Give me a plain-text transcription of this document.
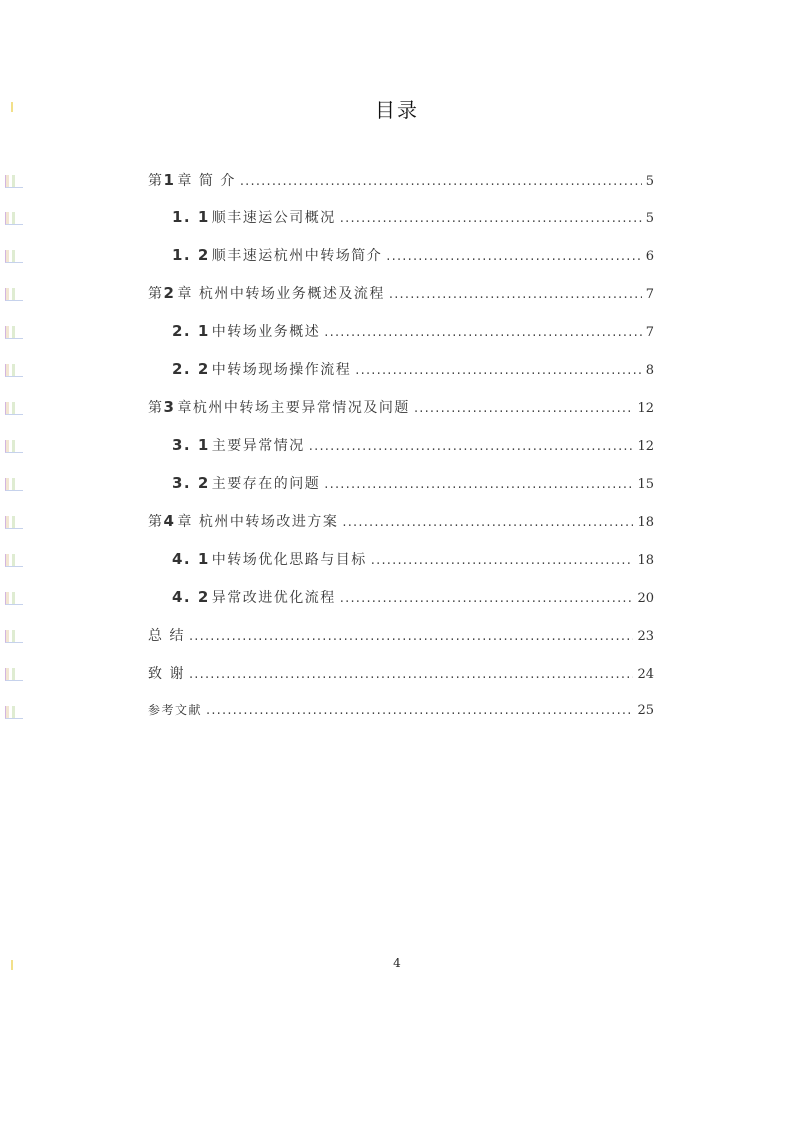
目录
第 1 章 简 介 .....	5
1. 1 顺丰速运公司概况 .....	5
1. 2 顺丰速运杭州中转场简介 .....	6
第 2 章 杭州中转场业务概述及流程 .....	7
2. 1 中转场业务概述 .....	7
2. 2 中转场现场操作流程 .....	8
第 3 章杭州中转场主要异常情况及问题 .....	12
3. 1 主要异常情况 .....	12
3. 2 主要存在的问题 .....	15
第 4 章 杭州中转场改进方案 .....	18
4. 1 中转场优化思路与目标 .....	18
4. 2 异常改进优化流程 .....	20
总 结 .....	23
致 谢 .....	24
参考文献 .....	25
4
